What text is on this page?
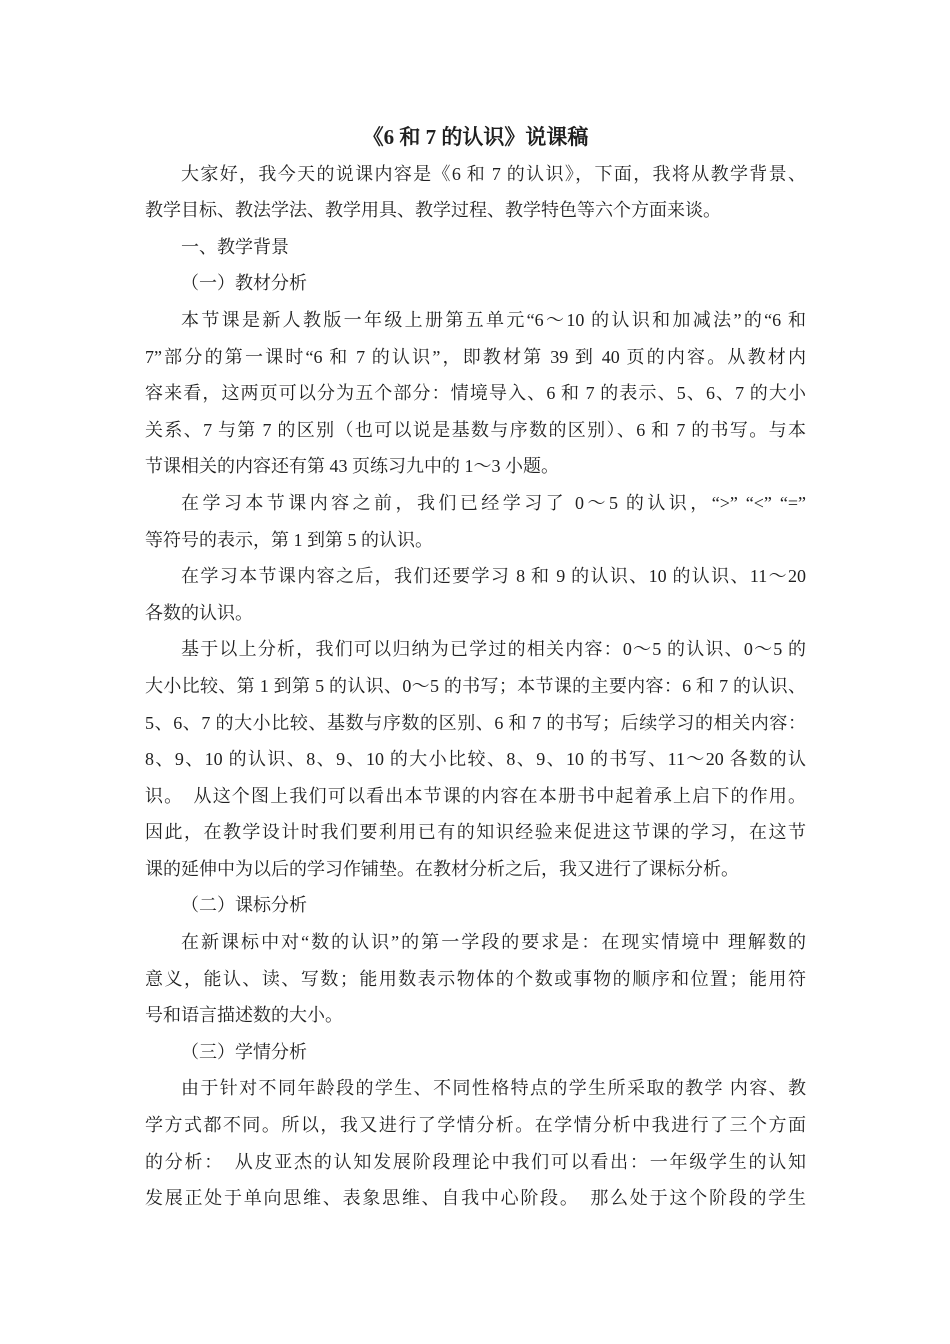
《6 和 7 的认识》说课稿
大家好，我今天的说课内容是《6 和 7 的认识》，下面，我将从教学背景、
教学目标、教法学法、教学用具、教学过程、教学特色等六个方面来谈。
一、教学背景
（一）教材分析
本节课是新人教版一年级上册第五单元“6～10 的认识和加减法”的“6 和
7”部分的第一课时“6 和 7 的认识”，即教材第 39 到 40 页的内容。从教材内
容来看，这两页可以分为五个部分：情境导入、6 和 7 的表示、5、6、7 的大小
关系、7 与第 7 的区别（也可以说是基数与序数的区别）、6 和 7 的书写。与本
节课相关的内容还有第 43 页练习九中的 1～3 小题。
在学习本节课内容之前，我们已经学习了 0～5 的认识，“>” “<” “=”
等符号的表示，第 1 到第 5 的认识。
在学习本节课内容之后，我们还要学习 8 和 9 的认识、10 的认识、11～20
各数的认识。
基于以上分析，我们可以归纳为已学过的相关内容：0～5 的认识、0～5 的
大小比较、第 1 到第 5 的认识、0～5 的书写；本节课的主要内容：6 和 7 的认识、
5、6、7 的大小比较、基数与序数的区别、6 和 7 的书写；后续学习的相关内容：
8、9、10 的认识、8、9、10 的大小比较、8、9、10 的书写、11～20 各数的认
识。　从这个图上我们可以看出本节课的内容在本册书中起着承上启下的作用。
因此，在教学设计时我们要利用已有的知识经验来促进这节课的学习，在这节
课的延伸中为以后的学习作铺垫。在教材分析之后，我又进行了课标分析。
（二）课标分析
在新课标中对“数的认识”的第一学段的要求是：在现实情境中 理解数的
意义，能认、读、写数；能用数表示物体的个数或事物的顺序和位置；能用符
号和语言描述数的大小。
（三）学情分析
由于针对不同年龄段的学生、不同性格特点的学生所采取的教学 内容、教
学方式都不同。所以，我又进行了学情分析。在学情分析中我进行了三个方面
的分析：　从皮亚杰的认知发展阶段理论中我们可以看出：一年级学生的认知
发展正处于单向思维、表象思维、自我中心阶段。　那么处于这个阶段的学生
